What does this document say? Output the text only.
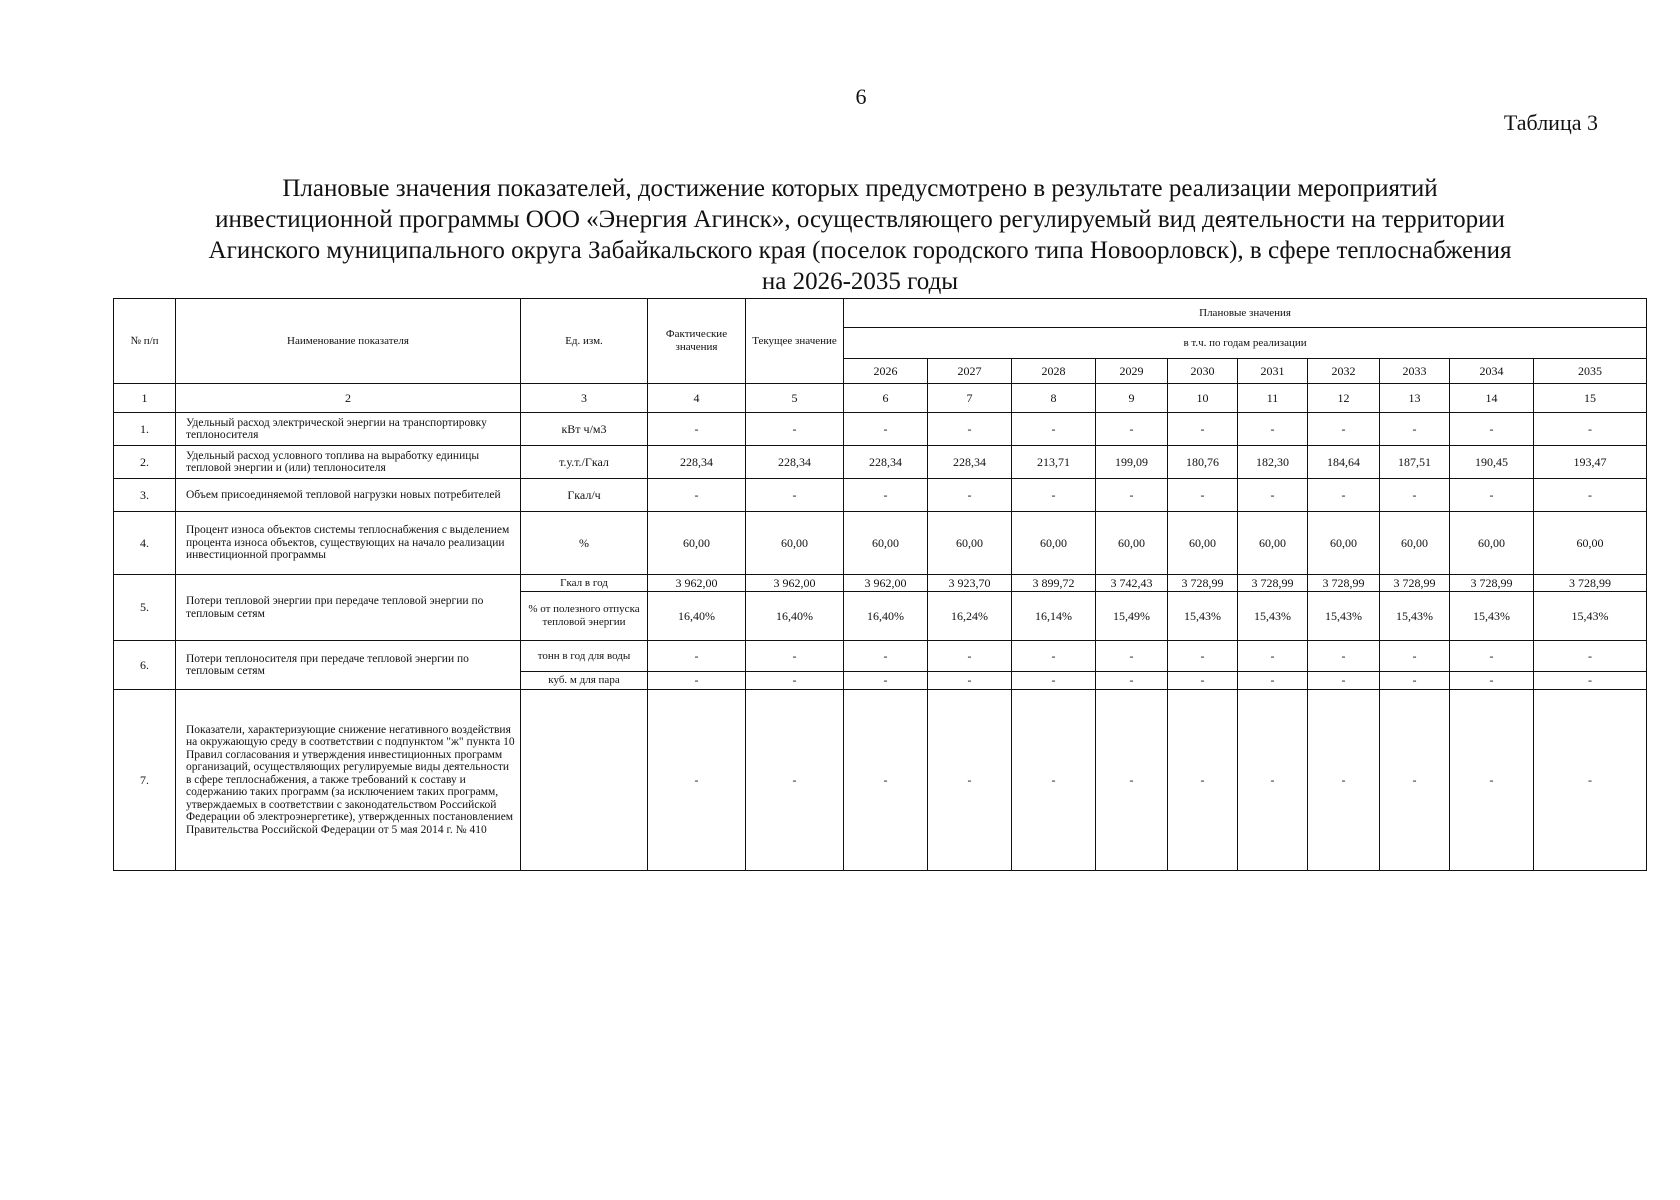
6
Таблица 3
Плановые значения показателей, достижение которых предусмотрено в результате реализации мероприятий
инвестиционной программы ООО «Энергия Агинск», осуществляющего регулируемый вид деятельности на территории
Агинского муниципального округа Забайкальского края (поселок городского типа Новоорловск), в сфере теплоснабжения
на 2026-2035 годы
№ п/п	Наименование показателя	Ед. изм.	Фактические значения	Текущее значение	Плановые значения									
					в т.ч. по годам реализации									
					2026	2027	2028	2029	2030	2031	2032	2033	2034	2035
1	2	3	4	5	6	7	8	9	10	11	12	13	14	15
1.	Удельный расход электрической энергии на транспортировку теплоносителя	кВт ч/м3	-	-	-	-	-	-	-	-	-	-	-	-
2.	Удельный расход условного топлива на выработку единицы тепловой энергии и (или) теплоносителя	т.у.т./Гкал	228,34	228,34	228,34	228,34	213,71	199,09	180,76	182,30	184,64	187,51	190,45	193,47
3.	Объем присоединяемой тепловой нагрузки новых потребителей	Гкал/ч	-	-	-	-	-	-	-	-	-	-	-	-
4.	Процент износа объектов системы теплоснабжения с выделением процента износа объектов, существующих на начало реализации инвестиционной программы	%	60,00	60,00	60,00	60,00	60,00	60,00	60,00	60,00	60,00	60,00	60,00	60,00
5.	Потери тепловой энергии при передаче тепловой энергии по тепловым сетям	Гкал в год	3 962,00	3 962,00	3 962,00	3 923,70	3 899,72	3 742,43	3 728,99	3 728,99	3 728,99	3 728,99	3 728,99	3 728,99
		% от полезного отпуска тепловой энергии	16,40%	16,40%	16,40%	16,24%	16,14%	15,49%	15,43%	15,43%	15,43%	15,43%	15,43%	15,43%
6.	Потери теплоносителя при передаче тепловой энергии по тепловым сетям	тонн в год для воды	-	-	-	-	-	-	-	-	-	-	-	-
		куб. м для пара	-	-	-	-	-	-	-	-	-	-	-	-
7.	Показатели, характеризующие снижение негативного воздействия на окружающую среду в соответствии с подпунктом "ж" пункта 10 Правил согласования и утверждения инвестиционных программ организаций, осуществляющих регулируемые виды деятельности в сфере теплоснабжения, а также требований к составу и содержанию таких программ (за исключением таких программ, утверждаемых в соответствии с законодательством Российской Федерации об электроэнергетике), утвержденных постановлением Правительства Российской Федерации от 5 мая 2014 г. № 410		-	-	-	-	-	-	-	-	-	-	-	-
